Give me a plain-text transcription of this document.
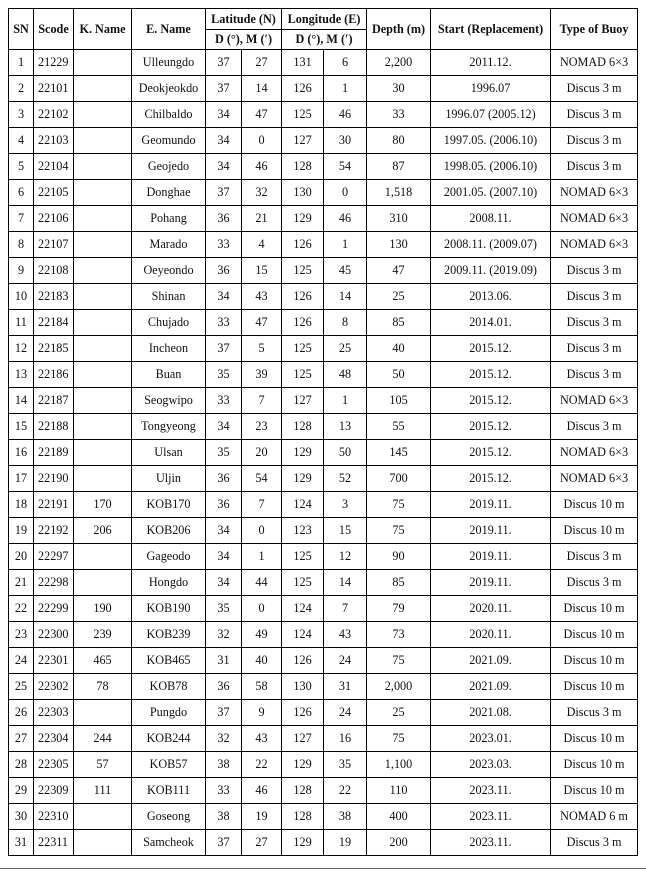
SN	Scode	K. Name	E. Name	Latitude (N)		Longitude (E)		Depth (m)	Start (Replacement)	Type of Buoy
				D (°), M (′)		D (°), M (′)				
1	21229		Ulleungdo	37	27	131	6	2,200	2011.12.	NOMAD 6×3
2	22101		Deokjeokdo	37	14	126	1	30	1996.07	Discus 3 m
3	22102		Chilbaldo	34	47	125	46	33	1996.07 (2005.12)	Discus 3 m
4	22103		Geomundo	34	0	127	30	80	1997.05. (2006.10)	Discus 3 m
5	22104		Geojedo	34	46	128	54	87	1998.05. (2006.10)	Discus 3 m
6	22105		Donghae	37	32	130	0	1,518	2001.05. (2007.10)	NOMAD 6×3
7	22106		Pohang	36	21	129	46	310	2008.11.	NOMAD 6×3
8	22107		Marado	33	4	126	1	130	2008.11. (2009.07)	NOMAD 6×3
9	22108		Oeyeondo	36	15	125	45	47	2009.11. (2019.09)	Discus 3 m
10	22183		Shinan	34	43	126	14	25	2013.06.	Discus 3 m
11	22184		Chujado	33	47	126	8	85	2014.01.	Discus 3 m
12	22185		Incheon	37	5	125	25	40	2015.12.	Discus 3 m
13	22186		Buan	35	39	125	48	50	2015.12.	Discus 3 m
14	22187		Seogwipo	33	7	127	1	105	2015.12.	NOMAD 6×3
15	22188		Tongyeong	34	23	128	13	55	2015.12.	Discus 3 m
16	22189		Ulsan	35	20	129	50	145	2015.12.	NOMAD 6×3
17	22190		Uljin	36	54	129	52	700	2015.12.	NOMAD 6×3
18	22191	170	KOB170	36	7	124	3	75	2019.11.	Discus 10 m
19	22192	206	KOB206	34	0	123	15	75	2019.11.	Discus 10 m
20	22297		Gageodo	34	1	125	12	90	2019.11.	Discus 3 m
21	22298		Hongdo	34	44	125	14	85	2019.11.	Discus 3 m
22	22299	190	KOB190	35	0	124	7	79	2020.11.	Discus 10 m
23	22300	239	KOB239	32	49	124	43	73	2020.11.	Discus 10 m
24	22301	465	KOB465	31	40	126	24	75	2021.09.	Discus 10 m
25	22302	78	KOB78	36	58	130	31	2,000	2021.09.	Discus 10 m
26	22303		Pungdo	37	9	126	24	25	2021.08.	Discus 3 m
27	22304	244	KOB244	32	43	127	16	75	2023.01.	Discus 10 m
28	22305	57	KOB57	38	22	129	35	1,100	2023.03.	Discus 10 m
29	22309	111	KOB111	33	46	128	22	110	2023.11.	Discus 10 m
30	22310		Goseong	38	19	128	38	400	2023.11.	NOMAD 6 m
31	22311		Samcheok	37	27	129	19	200	2023.11.	Discus 3 m
